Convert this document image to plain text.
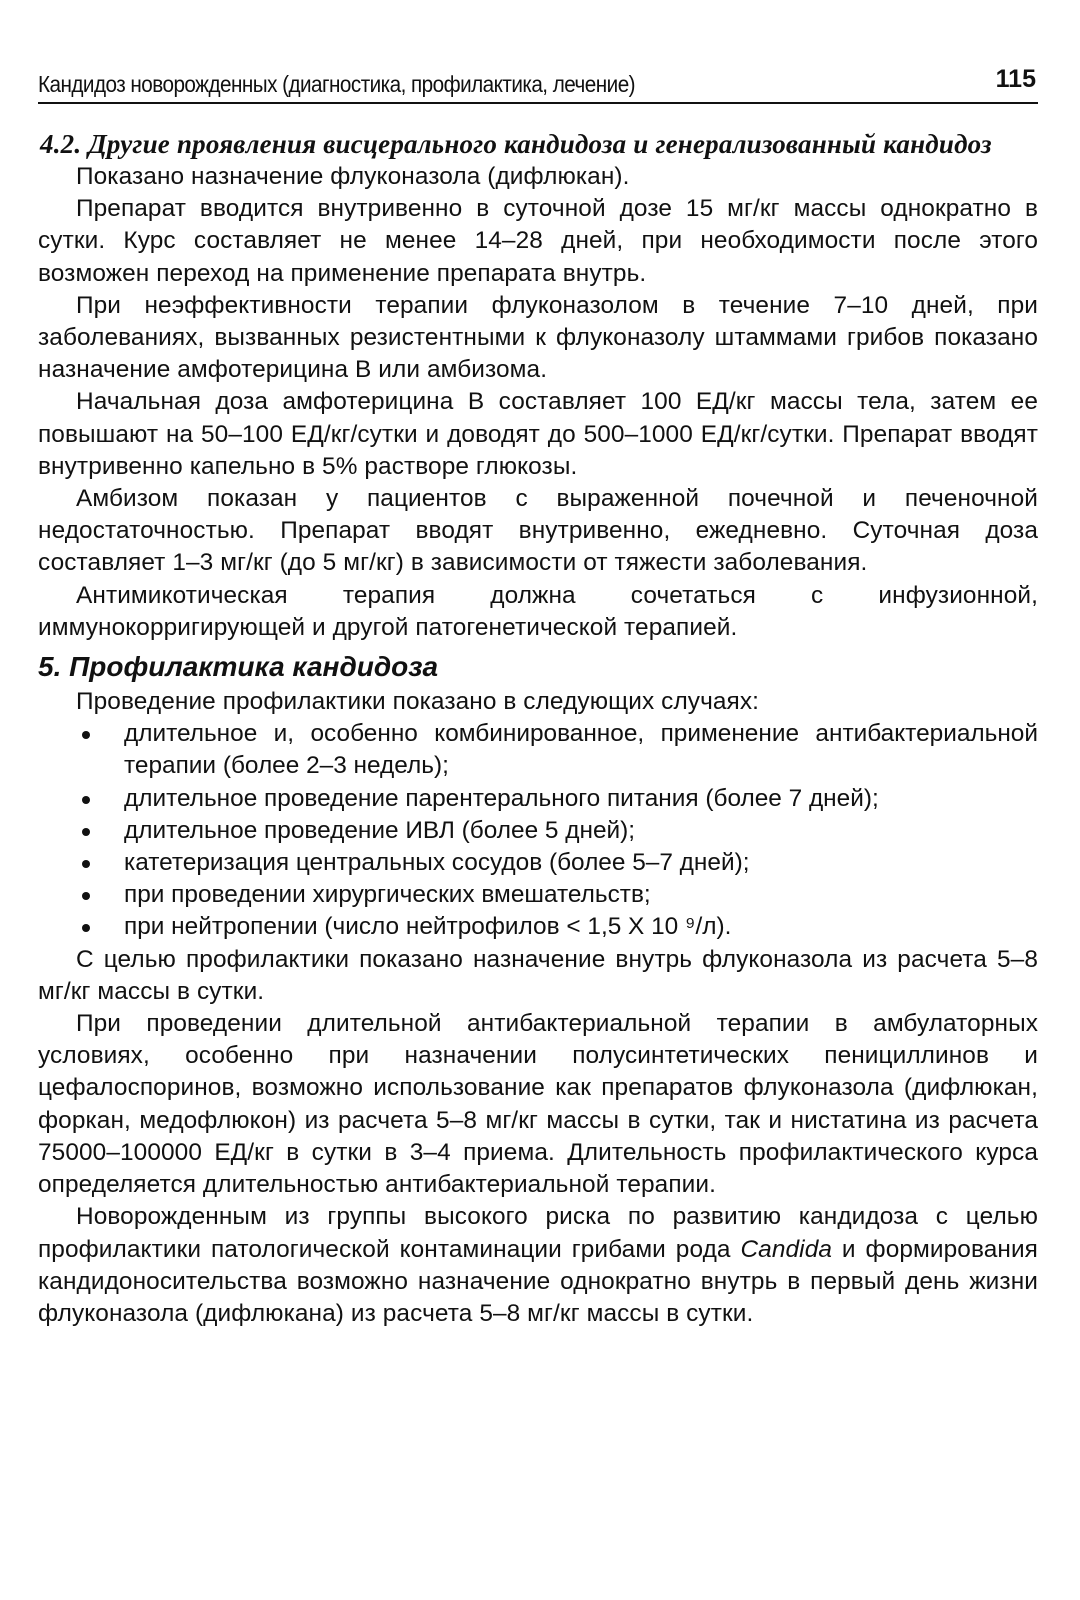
Кандидоз новорожденных (диагностика, профилактика, лечение)	115
4.2. Другие проявления висцерального кандидоза и генерализованный кандидоз

Показано назначение флуконазола (дифлюкан).

Препарат вводится внутривенно в суточной дозе 15 мг/кг массы однократно в сутки. Курс составляет не менее 14–28 дней, при необходимости после этого возможен переход на применение препарата внутрь.

При неэффективности терапии флуконазолом в течение 7–10 дней, при заболеваниях, вызванных резистентными к флуконазолу штаммами грибов показано назначение амфотерицина В или амбизома.

Начальная доза амфотерицина В составляет 100 ЕД/кг массы тела, затем ее повышают на 50–100 ЕД/кг/сутки и доводят до 500–1000 ЕД/кг/сутки. Препарат вводят внутривенно капельно в 5% растворе глюкозы.

Амбизом показан у пациентов с выраженной почечной и печеночной недостаточностью. Препарат вводят внутривенно, ежедневно. Суточная доза составляет 1–3 мг/кг (до 5 мг/кг) в зависимости от тяжести заболевания.

Антимикотическая терапия должна сочетаться с инфузионной, иммунокорригирующей и другой патогенетической терапией.

5. Профилактика кандидоза

Проведение профилактики показано в следующих случаях:

длительное и, особенно комбинированное, применение антибактериальной терапии (более 2–3 недель);
длительное проведение парентерального питания (более 7 дней);
длительное проведение ИВЛ (более 5 дней);
катетеризация центральных сосудов (более 5–7 дней);
при проведении хирургических вмешательств;
при нейтропении (число нейтрофилов < 1,5 Х 10 ⁹/л).

С целью профилактики показано назначение внутрь флуконазола из расчета 5–8 мг/кг массы в сутки.

При проведении длительной антибактериальной терапии в амбулаторных условиях, особенно при назначении полусинтетических пенициллинов и цефалоспоринов, возможно использование как препаратов флуконазола (дифлюкан, форкан, медофлюкон) из расчета 5–8 мг/кг массы в сутки, так и нистатина из расчета 75000–100000 ЕД/кг в сутки в 3–4 приема. Длительность профилактического курса определяется длительностью антибактериальной терапии.

Новорожденным из группы высокого риска по развитию кандидоза с целью профилактики патологической контаминации грибами рода Candida и формирования кандидоносительства возможно назначение однократно внутрь в первый день жизни флуконазола (дифлюкана) из расчета 5–8 мг/кг массы в сутки.
